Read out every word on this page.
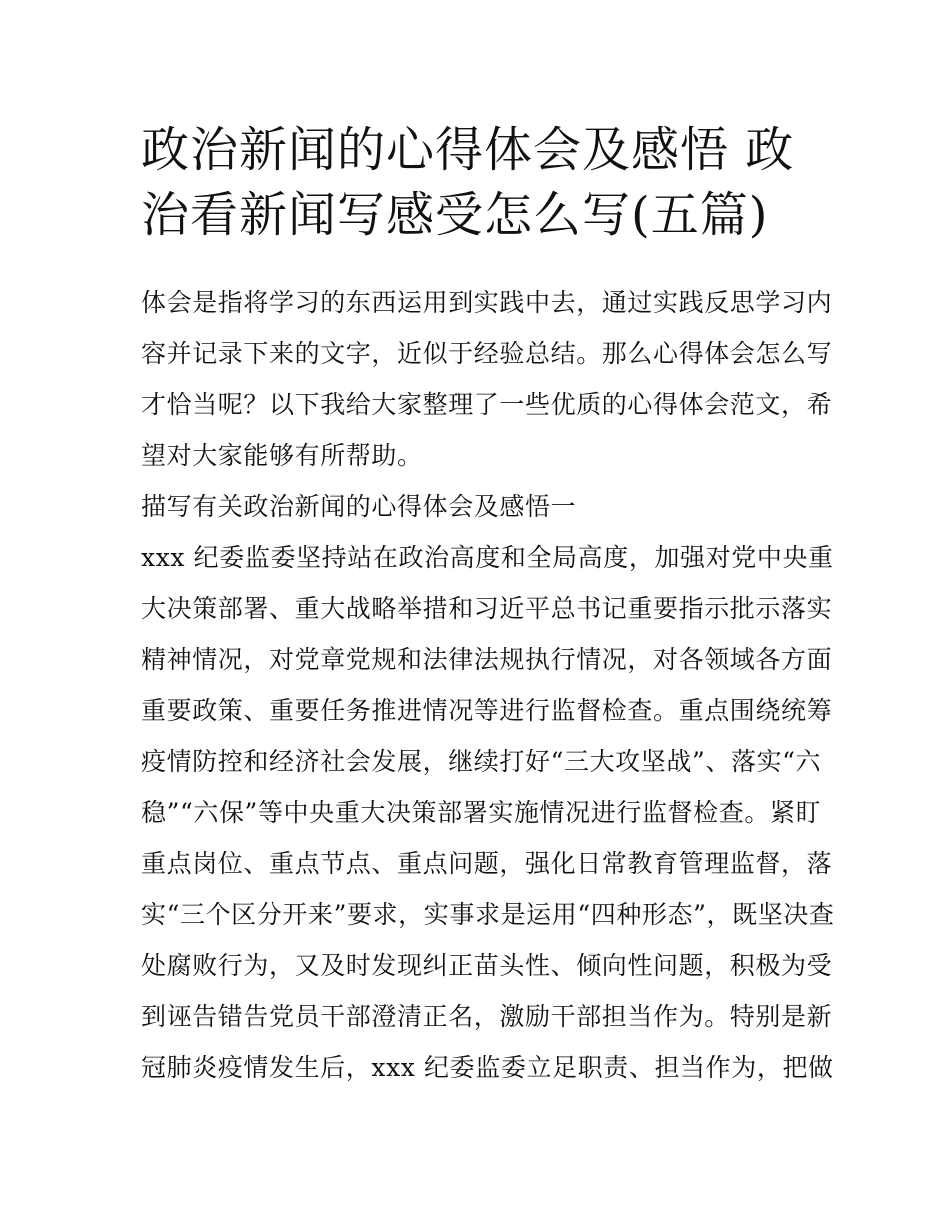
政治新闻的心得体会及感悟 政
治看新闻写感受怎么写(五篇)
体会是指将学习的东西运用到实践中去，通过实践反思学习内
容并记录下来的文字，近似于经验总结。那么心得体会怎么写
才恰当呢？以下我给大家整理了一些优质的心得体会范文，希
望对大家能够有所帮助。
描写有关政治新闻的心得体会及感悟一
xxx 纪委监委坚持站在政治高度和全局高度，加强对党中央重
大决策部署、重大战略举措和习近平总书记重要指示批示落实
精神情况，对党章党规和法律法规执行情况，对各领域各方面
重要政策、重要任务推进情况等进行监督检查。重点围绕统筹
疫情防控和经济社会发展，继续打好“三大攻坚战”、落实“六
稳”“六保”等中央重大决策部署实施情况进行监督检查。紧盯
重点岗位、重点节点、重点问题，强化日常教育管理监督，落
实“三个区分开来”要求，实事求是运用“四种形态”，既坚决查
处腐败行为，又及时发现纠正苗头性、倾向性问题，积极为受
到诬告错告党员干部澄清正名，激励干部担当作为。特别是新
冠肺炎疫情发生后，xxx 纪委监委立足职责、担当作为，把做
